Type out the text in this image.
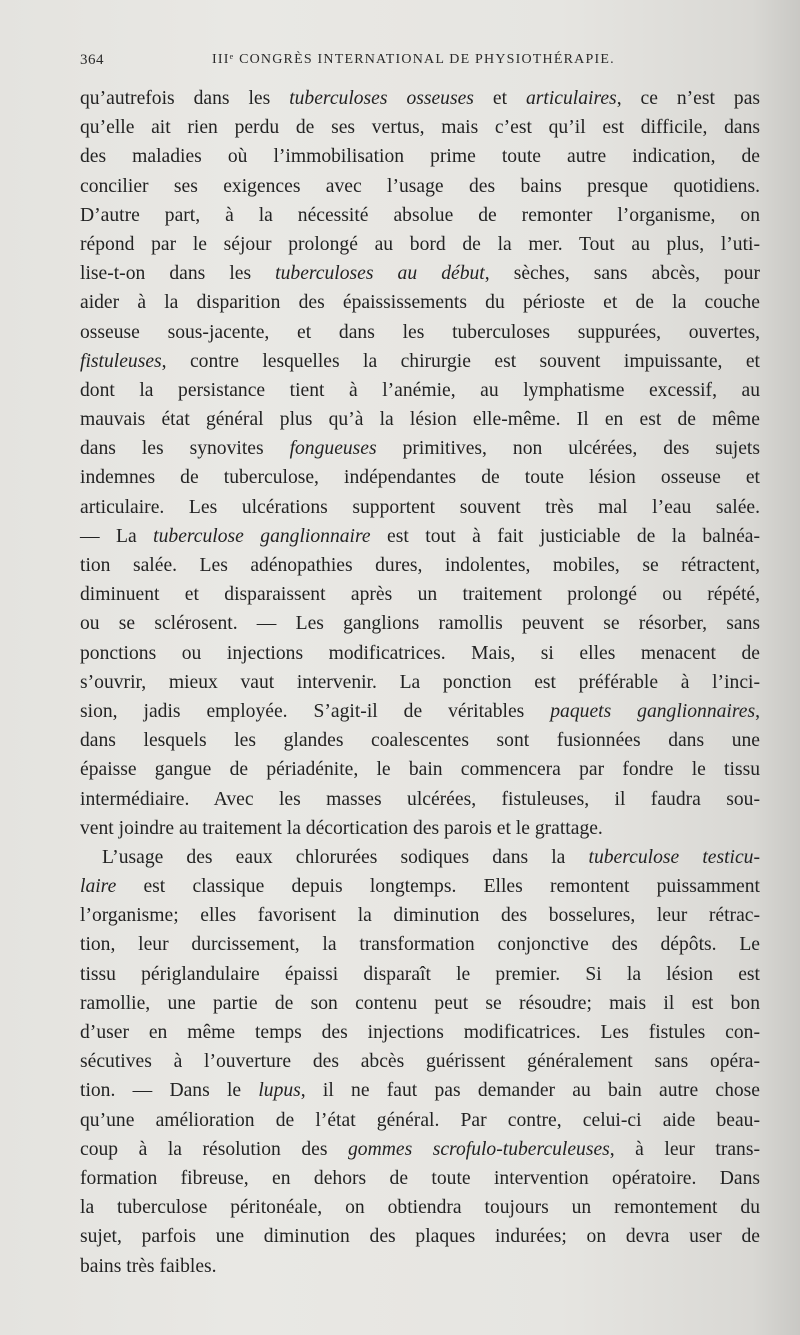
364	IIIᵉ CONGRÈS INTERNATIONAL DE PHYSIOTHÉRAPIE.
qu’autrefois dans les tuberculoses osseuses et articulaires, ce n’est pas
qu’elle ait rien perdu de ses vertus, mais c’est qu’il est difficile, dans
des maladies où l’immobilisation prime toute autre indication, de
concilier ses exigences avec l’usage des bains presque quotidiens.
D’autre part, à la nécessité absolue de remonter l’organisme, on
répond par le séjour prolongé au bord de la mer. Tout au plus, l’uti-
lise-t-on dans les tuberculoses au début, sèches, sans abcès, pour
aider à la disparition des épaississements du périoste et de la couche
osseuse sous-jacente, et dans les tuberculoses suppurées, ouvertes,
fistuleuses, contre lesquelles la chirurgie est souvent impuissante, et
dont la persistance tient à l’anémie, au lymphatisme excessif, au
mauvais état général plus qu’à la lésion elle-même. Il en est de même
dans les synovites fongueuses primitives, non ulcérées, des sujets
indemnes de tuberculose, indépendantes de toute lésion osseuse et
articulaire. Les ulcérations supportent souvent très mal l’eau salée.
— La tuberculose ganglionnaire est tout à fait justiciable de la balnéa-
tion salée. Les adénopathies dures, indolentes, mobiles, se rétractent,
diminuent et disparaissent après un traitement prolongé ou répété,
ou se sclérosent. — Les ganglions ramollis peuvent se résorber, sans
ponctions ou injections modificatrices. Mais, si elles menacent de
s’ouvrir, mieux vaut intervenir. La ponction est préférable à l’inci-
sion, jadis employée. S’agit-il de véritables paquets ganglionnaires,
dans lesquels les glandes coalescentes sont fusionnées dans une
épaisse gangue de périadénite, le bain commencera par fondre le tissu
intermédiaire. Avec les masses ulcérées, fistuleuses, il faudra sou-
vent joindre au traitement la décortication des parois et le grattage.
L’usage des eaux chlorurées sodiques dans la tuberculose testicu-
laire est classique depuis longtemps. Elles remontent puissamment
l’organisme; elles favorisent la diminution des bosselures, leur rétrac-
tion, leur durcissement, la transformation conjonctive des dépôts. Le
tissu périglandulaire épaissi disparaît le premier. Si la lésion est
ramollie, une partie de son contenu peut se résoudre; mais il est bon
d’user en même temps des injections modificatrices. Les fistules con-
sécutives à l’ouverture des abcès guérissent généralement sans opéra-
tion. — Dans le lupus, il ne faut pas demander au bain autre chose
qu’une amélioration de l’état général. Par contre, celui-ci aide beau-
coup à la résolution des gommes scrofulo-tuberculeuses, à leur trans-
formation fibreuse, en dehors de toute intervention opératoire. Dans
la tuberculose péritonéale, on obtiendra toujours un remontement du
sujet, parfois une diminution des plaques indurées; on devra user de
bains très faibles.
